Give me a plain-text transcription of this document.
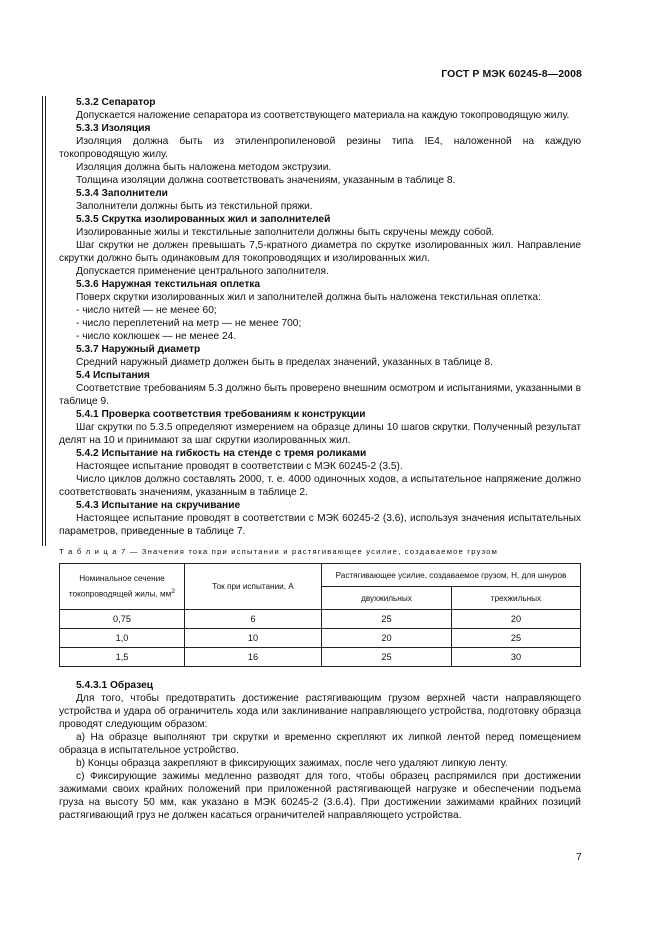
ГОСТ Р МЭК 60245-8—2008

5.3.2 Сепаратор

Допускается наложение сепаратора из соответствующего материала на каждую токопроводящую жилу.

5.3.3 Изоляция

Изоляция должна быть из этиленпропиленовой резины типа IE4, наложенной на каждую токопроводящую жилу.

Изоляция должна быть наложена методом экструзии.

Толщина изоляции должна соответствовать значениям, указанным в таблице 8.

5.3.4 Заполнители

Заполнители должны быть из текстильной пряжи.

5.3.5 Скрутка изолированных жил и заполнителей

Изолированные жилы и текстильные заполнители должны быть скручены между собой.

Шаг скрутки не должен превышать 7,5-кратного диаметра по скрутке изолированных жил. Направление скрутки должно быть одинаковым для токопроводящих и изолированных жил.

Допускается применение центрального заполнителя.

5.3.6 Наружная текстильная оплетка

Поверх скрутки изолированных жил и заполнителей должна быть наложена текстильная оплетка:

- число нитей — не менее 60;

- число переплетений на метр — не менее 700;

- число коклюшек — не менее 24.

5.3.7 Наружный диаметр

Средний наружный диаметр должен быть в пределах значений, указанных в таблице 8.

5.4 Испытания

Соответствие требованиям 5.3 должно быть проверено внешним осмотром и испытаниями, указанными в таблице 9.

5.4.1 Проверка соответствия требованиям к конструкции

Шаг скрутки по 5.3.5 определяют измерением на образце длины 10 шагов скрутки. Полученный результат делят на 10 и принимают за шаг скрутки изолированных жил.

5.4.2 Испытание на гибкость на стенде с тремя роликами

Настоящее испытание проводят в соответствии с МЭК 60245-2 (3.5).

Число циклов должно составлять 2000, т. е. 4000 одиночных ходов, а испытательное напряжение должно соответствовать значениям, указанным в таблице 2.

5.4.3 Испытание на скручивание

Настоящее испытание проводят в соответствии с МЭК 60245-2 (3.6), используя значения испытательных параметров, приведенные в таблице 7.

Т а б л и ц а 7 — Значения тока при испытании и растягивающее усилие, создаваемое грузом
Номинальное сечение токопроводящей жилы, $мм^2$	Ток при испытании, А	Растягивающее усилие, создаваемое грузом, Н, для шнуров	
		двухжильных	трехжильных
0,75	6	25	20
1,0	10	20	25
1,5	16	25	30

5.4.3.1 Образец

Для того, чтобы предотвратить достижение растягивающим грузом верхней части направляющего устройства и удара об ограничитель хода или заклинивание направляющего устройства, подготовку образца проводят следующим образом:

a) На образце выполняют три скрутки и временно скрепляют их липкой лентой перед помещением образца в испытательное устройство.

b) Концы образца закрепляют в фиксирующих зажимах, после чего удаляют липкую ленту.

c) Фиксирующие зажимы медленно разводят для того, чтобы образец распрямился при достижении зажимами своих крайних положений при приложенной растягивающей нагрузке и обеспечении подъема груза на высоту 50 мм, как указано в МЭК 60245-2 (3.6.4). При достижении зажимами крайних позиций растягивающий груз не должен касаться ограничителей направляющего устройства.

7
